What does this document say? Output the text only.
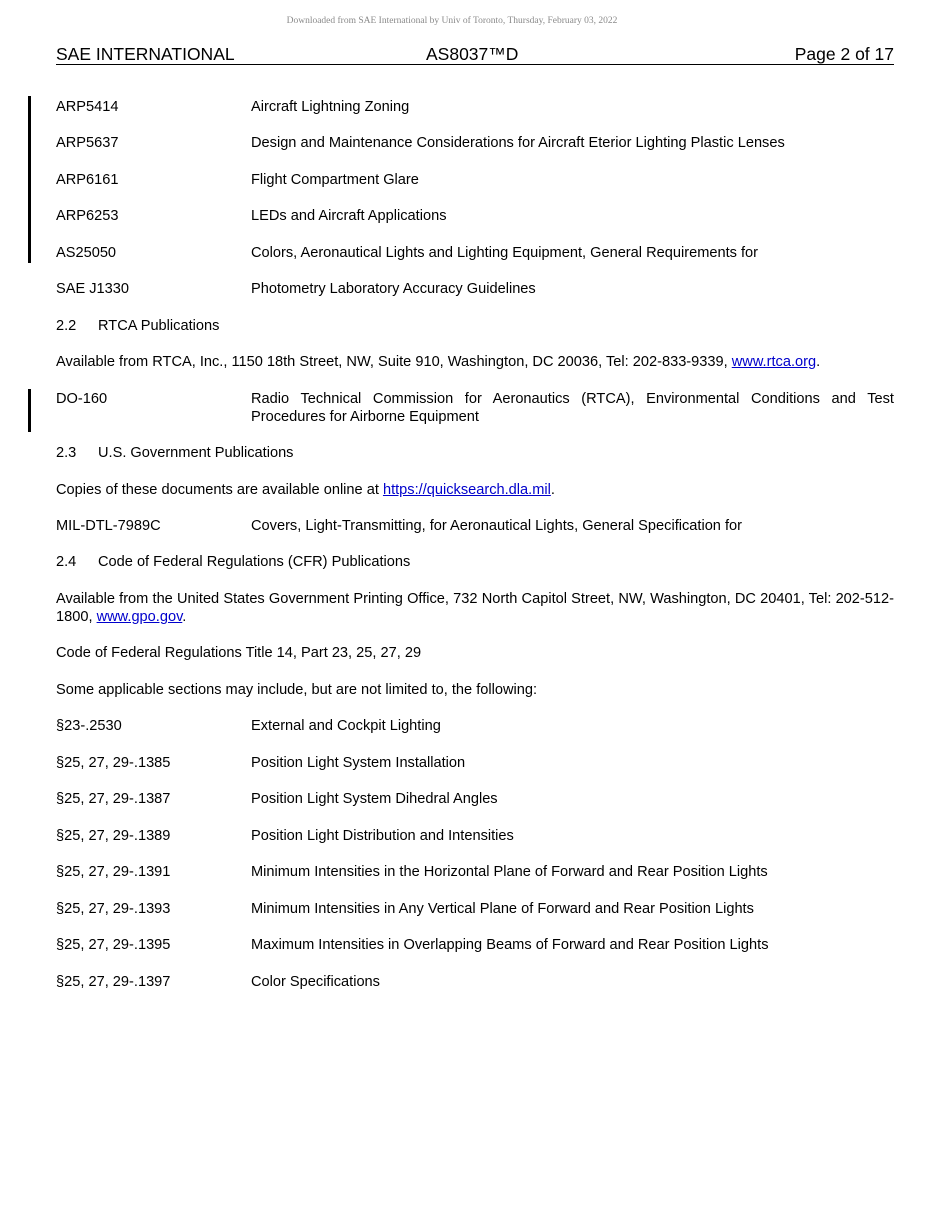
Downloaded from SAE International by Univ of Toronto, Thursday, February 03, 2022
SAE INTERNATIONAL	AS8037™D	Page 2 of 17
ARP5414	Aircraft Lightning Zoning
ARP5637	Design and Maintenance Considerations for Aircraft Eterior Lighting Plastic Lenses
ARP6161	Flight Compartment Glare
ARP6253	LEDs and Aircraft Applications
AS25050	Colors, Aeronautical Lights and Lighting Equipment, General Requirements for
SAE J1330	Photometry Laboratory Accuracy Guidelines
2.2 RTCA Publications
Available from RTCA, Inc., 1150 18th Street, NW, Suite 910, Washington, DC 20036, Tel: 202-833-9339, www.rtca.org.
DO-160	Radio Technical Commission for Aeronautics (RTCA), Environmental Conditions and Test Procedures for Airborne Equipment
2.3 U.S. Government Publications
Copies of these documents are available online at https://quicksearch.dla.mil.
MIL-DTL-7989C	Covers, Light-Transmitting, for Aeronautical Lights, General Specification for
2.4 Code of Federal Regulations (CFR) Publications
Available from the United States Government Printing Office, 732 North Capitol Street, NW, Washington, DC 20401, Tel: 202-512-1800, www.gpo.gov.
Code of Federal Regulations Title 14, Part 23, 25, 27, 29
Some applicable sections may include, but are not limited to, the following:
§23-.2530	External and Cockpit Lighting
§25, 27, 29-.1385	Position Light System Installation
§25, 27, 29-.1387	Position Light System Dihedral Angles
§25, 27, 29-.1389	Position Light Distribution and Intensities
§25, 27, 29-.1391	Minimum Intensities in the Horizontal Plane of Forward and Rear Position Lights
§25, 27, 29-.1393	Minimum Intensities in Any Vertical Plane of Forward and Rear Position Lights
§25, 27, 29-.1395	Maximum Intensities in Overlapping Beams of Forward and Rear Position Lights
§25, 27, 29-.1397	Color Specifications
